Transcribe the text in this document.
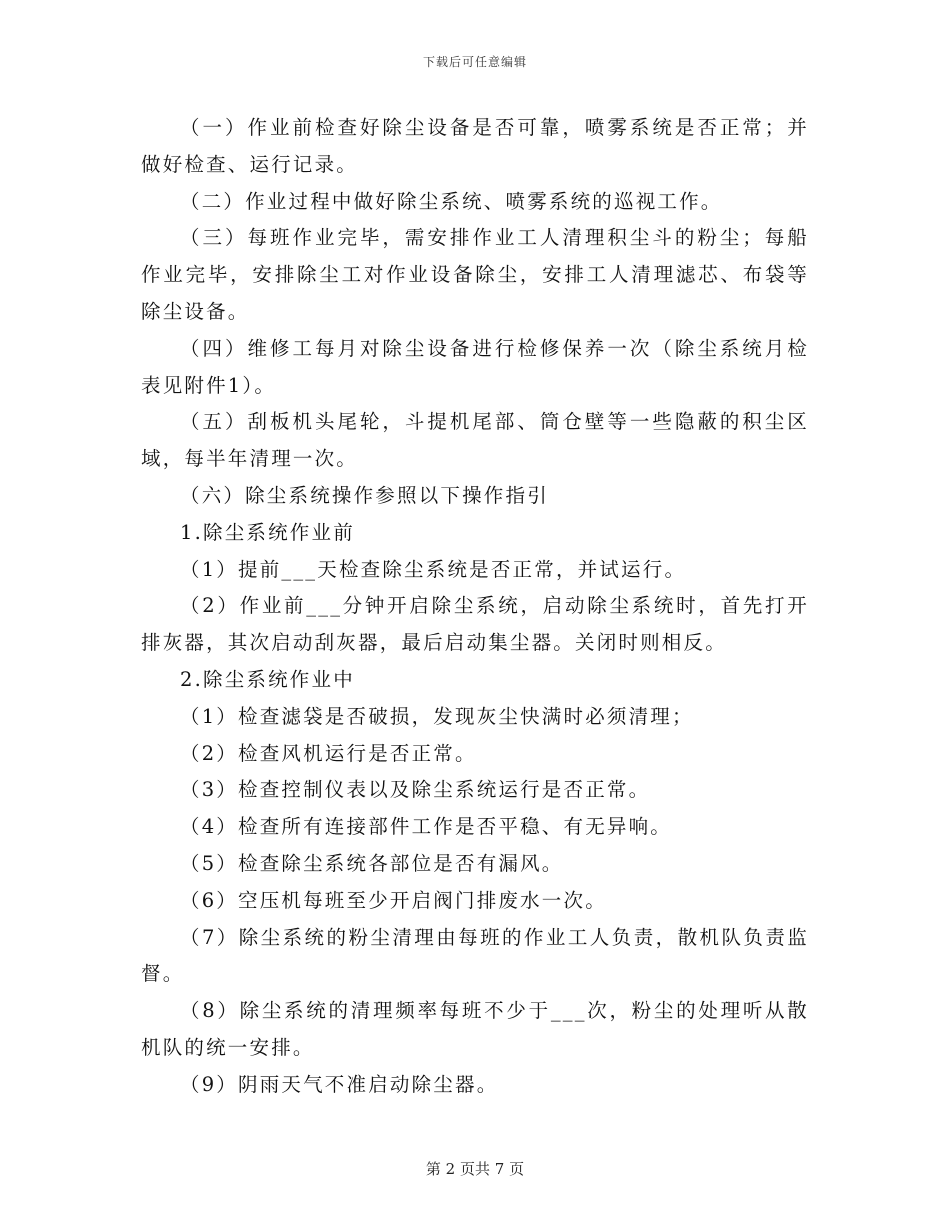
下载后可任意编辑

（一）作业前检查好除尘设备是否可靠，喷雾系统是否正常；并做好检查、运行记录。

（二）作业过程中做好除尘系统、喷雾系统的巡视工作。

（三）每班作业完毕，需安排作业工人清理积尘斗的粉尘；每船作业完毕，安排除尘工对作业设备除尘，安排工人清理滤芯、布袋等除尘设备。

（四）维修工每月对除尘设备进行检修保养一次（除尘系统月检表见附件1）。

（五）刮板机头尾轮，斗提机尾部、筒仓壁等一些隐蔽的积尘区域，每半年清理一次。

（六）除尘系统操作参照以下操作指引

1.除尘系统作业前

（1）提前___天检查除尘系统是否正常，并试运行。

（2）作业前___分钟开启除尘系统，启动除尘系统时，首先打开排灰器，其次启动刮灰器，最后启动集尘器。关闭时则相反。

2.除尘系统作业中

（1）检查滤袋是否破损，发现灰尘快满时必须清理；

（2）检查风机运行是否正常。

（3）检查控制仪表以及除尘系统运行是否正常。

（4）检查所有连接部件工作是否平稳、有无异响。

（5）检查除尘系统各部位是否有漏风。

（6）空压机每班至少开启阀门排废水一次。

（7）除尘系统的粉尘清理由每班的作业工人负责，散机队负责监督。

（8）除尘系统的清理频率每班不少于___次，粉尘的处理听从散机队的统一安排。

（9）阴雨天气不准启动除尘器。

第 2 页共 7 页
